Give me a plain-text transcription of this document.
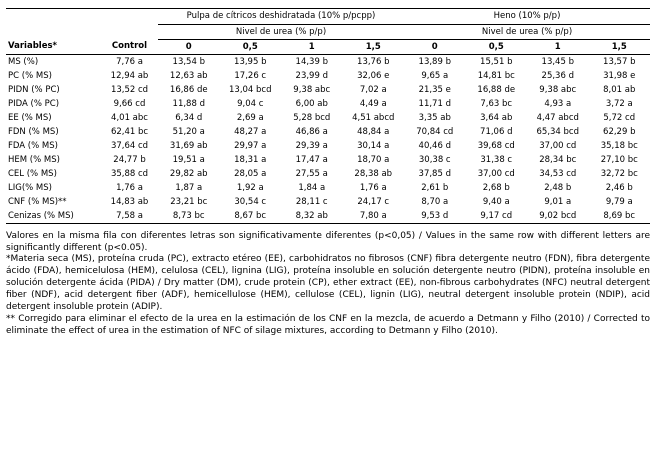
		Pulpa de cítricos deshidratada (10% p/pcpp)				Heno (10% p/p)			
		Nivel de urea (% p/p)				Nivel de urea (% p/p)			
Variables*	Control	0	0,5	1	1,5	0	0,5	1	1,5
MS (%)	7,76 a	13,54 b	13,95 b	14,39 b	13,76 b	13,89 b	15,51 b	13,45 b	13,57 b
PC (% MS)	12,94 ab	12,63 ab	17,26 c	23,99 d	32,06 e	9,65 a	14,81 bc	25,36 d	31,98 e
PIDN (% PC)	13,52 cd	16,86 de	13,04 bcd	9,38 abc	7,02 a	21,35 e	16,88 de	9,38 abc	8,01 ab
PIDA (% PC)	9,66 cd	11,88 d	9,04 c	6,00 ab	4,49 a	11,71 d	7,63 bc	4,93 a	3,72 a
EE (% MS)	4,01 abc	6,34 d	2,69 a	5,28 bcd	4,51 abcd	3,35 ab	3,64 ab	4,47 abcd	5,72 cd
FDN (% MS)	62,41 bc	51,20 a	48,27 a	46,86 a	48,84 a	70,84 cd	71,06 d	65,34 bcd	62,29 b
FDA (% MS)	37,64 cd	31,69 ab	29,97 a	29,39 a	30,14 a	40,46 d	39,68 cd	37,00 cd	35,18 bc
HEM (% MS)	24,77 b	19,51 a	18,31 a	17,47 a	18,70 a	30,38 c	31,38 c	28,34 bc	27,10 bc
CEL (% MS)	35,88 cd	29,82 ab	28,05 a	27,55 a	28,38 ab	37,85 d	37,00 cd	34,53 cd	32,72 bc
LIG(% MS)	1,76 a	1,87 a	1,92 a	1,84 a	1,76 a	2,61 b	2,68 b	2,48 b	2,46 b
CNF (% MS)**	14,83 ab	23,21 bc	30,54 c	28,11 c	24,17 c	8,70 a	9,40 a	9,01 a	9,79 a
Cenizas (% MS)	7,58 a	8,73 bc	8,67 bc	8,32 ab	7,80 a	9,53 d	9,17 cd	9,02 bcd	8,69 bc

Valores en la misma fila con diferentes letras son significativamente diferentes (p<0,05) / Values in the same row with different letters are significantly different (p<0.05).

*Materia seca (MS), proteína cruda (PC), extracto etéreo (EE), carbohidratos no fibrosos (CNF) fibra detergente neutro (FDN), fibra detergente ácido (FDA), hemicelulosa (HEM), celulosa (CEL), lignina (LIG), proteína insoluble en solución detergente neutro (PIDN), proteína insoluble en solución detergente ácida (PIDA) / Dry matter (DM), crude protein (CP), ether extract (EE), non-fibrous carbohydrates (NFC) neutral detergent fiber (NDF), acid detergent fiber (ADF), hemicellulose (HEM), cellulose (CEL), lignin (LIG), neutral detergent insoluble protein (NDIP), acid detergent insoluble protein (ADIP).

** Corregido para eliminar el efecto de la urea en la estimación de los CNF en la mezcla, de acuerdo a Detmann y Filho (2010) / Corrected to eliminate the effect of urea in the estimation of NFC of silage mixtures, according to Detmann y Filho (2010).
